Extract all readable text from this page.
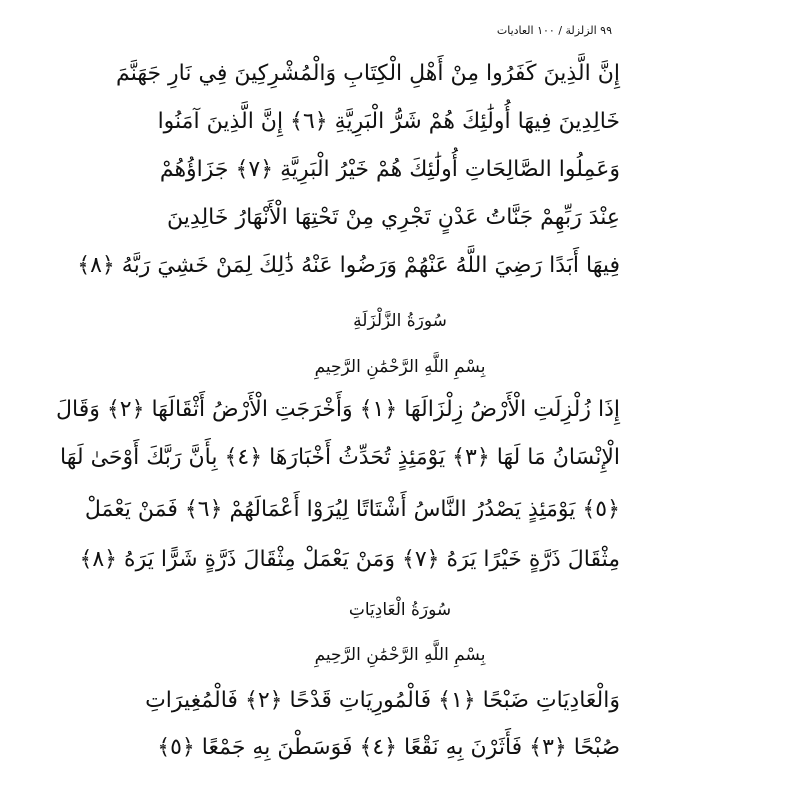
٩٩ الزلزلة / ١٠٠ العاديات
إِنَّ الَّذِينَ كَفَرُوا مِنْ أَهْلِ الْكِتَابِ وَالْمُشْرِكِينَ فِي نَارِ جَهَنَّمَ
خَالِدِينَ فِيهَا أُولَٰئِكَ هُمْ شَرُّ الْبَرِيَّةِ ﴿٦﴾ إِنَّ الَّذِينَ آمَنُوا
وَعَمِلُوا الصَّالِحَاتِ أُولَٰئِكَ هُمْ خَيْرُ الْبَرِيَّةِ ﴿٧﴾ جَزَاؤُهُمْ
عِنْدَ رَبِّهِمْ جَنَّاتُ عَدْنٍ تَجْرِي مِنْ تَحْتِهَا الْأَنْهَارُ خَالِدِينَ
فِيهَا أَبَدًا رَضِيَ اللَّهُ عَنْهُمْ وَرَضُوا عَنْهُ ذَٰلِكَ لِمَنْ خَشِيَ رَبَّهُ ﴿٨﴾
سُورَةُ الزَّلْزَلَةِ
بِسْمِ اللَّهِ الرَّحْمَٰنِ الرَّحِيمِ
إِذَا زُلْزِلَتِ الْأَرْضُ زِلْزَالَهَا ﴿١﴾ وَأَخْرَجَتِ الْأَرْضُ أَثْقَالَهَا ﴿٢﴾ وَقَالَ
الْإِنْسَانُ مَا لَهَا ﴿٣﴾ يَوْمَئِذٍ تُحَدِّثُ أَخْبَارَهَا ﴿٤﴾ بِأَنَّ رَبَّكَ أَوْحَىٰ لَهَا
﴿٥﴾ يَوْمَئِذٍ يَصْدُرُ النَّاسُ أَشْتَاتًا لِيُرَوْا أَعْمَالَهُمْ ﴿٦﴾ فَمَنْ يَعْمَلْ
مِثْقَالَ ذَرَّةٍ خَيْرًا يَرَهُ ﴿٧﴾ وَمَنْ يَعْمَلْ مِثْقَالَ ذَرَّةٍ شَرًّا يَرَهُ ﴿٨﴾
سُورَةُ الْعَادِيَاتِ
بِسْمِ اللَّهِ الرَّحْمَٰنِ الرَّحِيمِ
وَالْعَادِيَاتِ ضَبْحًا ﴿١﴾ فَالْمُورِيَاتِ قَدْحًا ﴿٢﴾ فَالْمُغِيرَاتِ
صُبْحًا ﴿٣﴾ فَأَثَرْنَ بِهِ نَقْعًا ﴿٤﴾ فَوَسَطْنَ بِهِ جَمْعًا ﴿٥﴾
